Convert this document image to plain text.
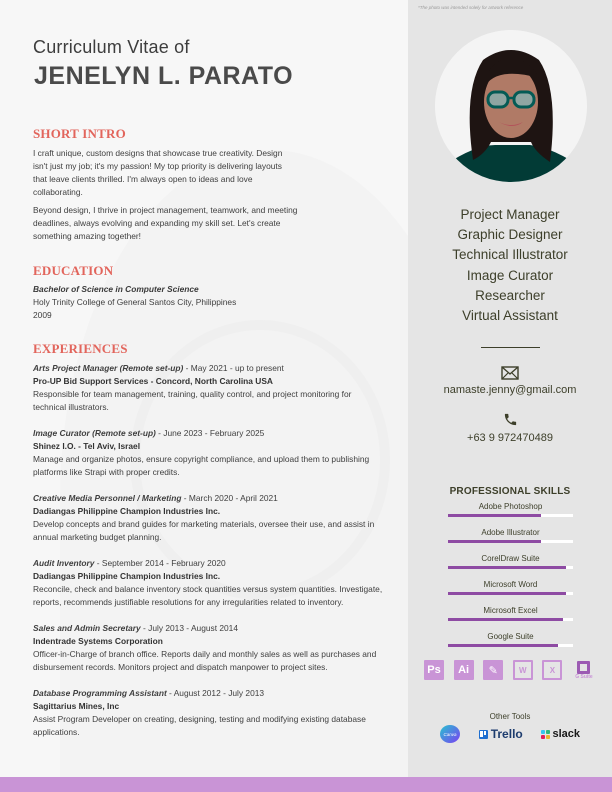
Curriculum Vitae of
JENELYN L. PARATO
SHORT INTRO

I craft unique, custom designs that showcase true creativity. Design isn't just my job; it's my passion! My top priority is delivering layouts that leave clients thrilled. I'm always open to ideas and love collaborating.

Beyond design, I thrive in project management, teamwork, and meeting deadlines, always evolving and expanding my skill set. Let's create something amazing together!

EDUCATION
Bachelor of Science in Computer Science
Holy Trinity College of General Santos City, Philippines
2009
EXPERIENCES
Arts Project Manager (Remote set-up) - May 2021 - up to present
Pro-UP Bid Support Services - Concord, North Carolina USA
Responsible for team management, training, quality control, and project monitoring for technical illustrators.
Image Curator (Remote set-up) - June 2023 - February 2025
Shinez I.O. - Tel Aviv, Israel
Manage and organize photos, ensure copyright compliance, and upload them to publishing platforms like Strapi with proper credits.
Creative Media Personnel / Marketing - March 2020 - April 2021
Dadiangas Philippine Champion Industries Inc.
Develop concepts and brand guides for marketing materials, oversee their use, and assist in annual marketing budget planning.
Audit Inventory - September 2014 - February 2020
Dadiangas Philippine Champion Industries Inc.
Reconcile, check and balance inventory stock quantities versus system quantities. Investigate, reports, recommends justifiable resolutions for any irregularities related to inventory.
Sales and Admin Secretary - July 2013 - August 2014
Indentrade Systems Corporation
Officer-in-Charge of branch office. Reports daily and monthly sales as well as purchases and disbursement records. Monitors project and dispatch manpower to project sites.
Database Programming Assistant - August 2012 - July 2013
Sagittarius Mines, Inc
Assist Program Developer on creating, designing, testing and modifying existing database applications.
*The photo was intended solely for artwork reference
Project Manager
Graphic Designer
Technical Illustrator
Image Curator
Researcher
Virtual Assistant
namaste.jenny@gmail.com
+63 9 972470489
PROFESSIONAL SKILLS
Adobe Photoshop
Adobe Illustrator
CorelDraw Suite
Microsoft Word
Microsoft Excel
Google Suite
Ps	Ai	✎	W	X
G Suite
Other Tools
Canva	Trello	slack
